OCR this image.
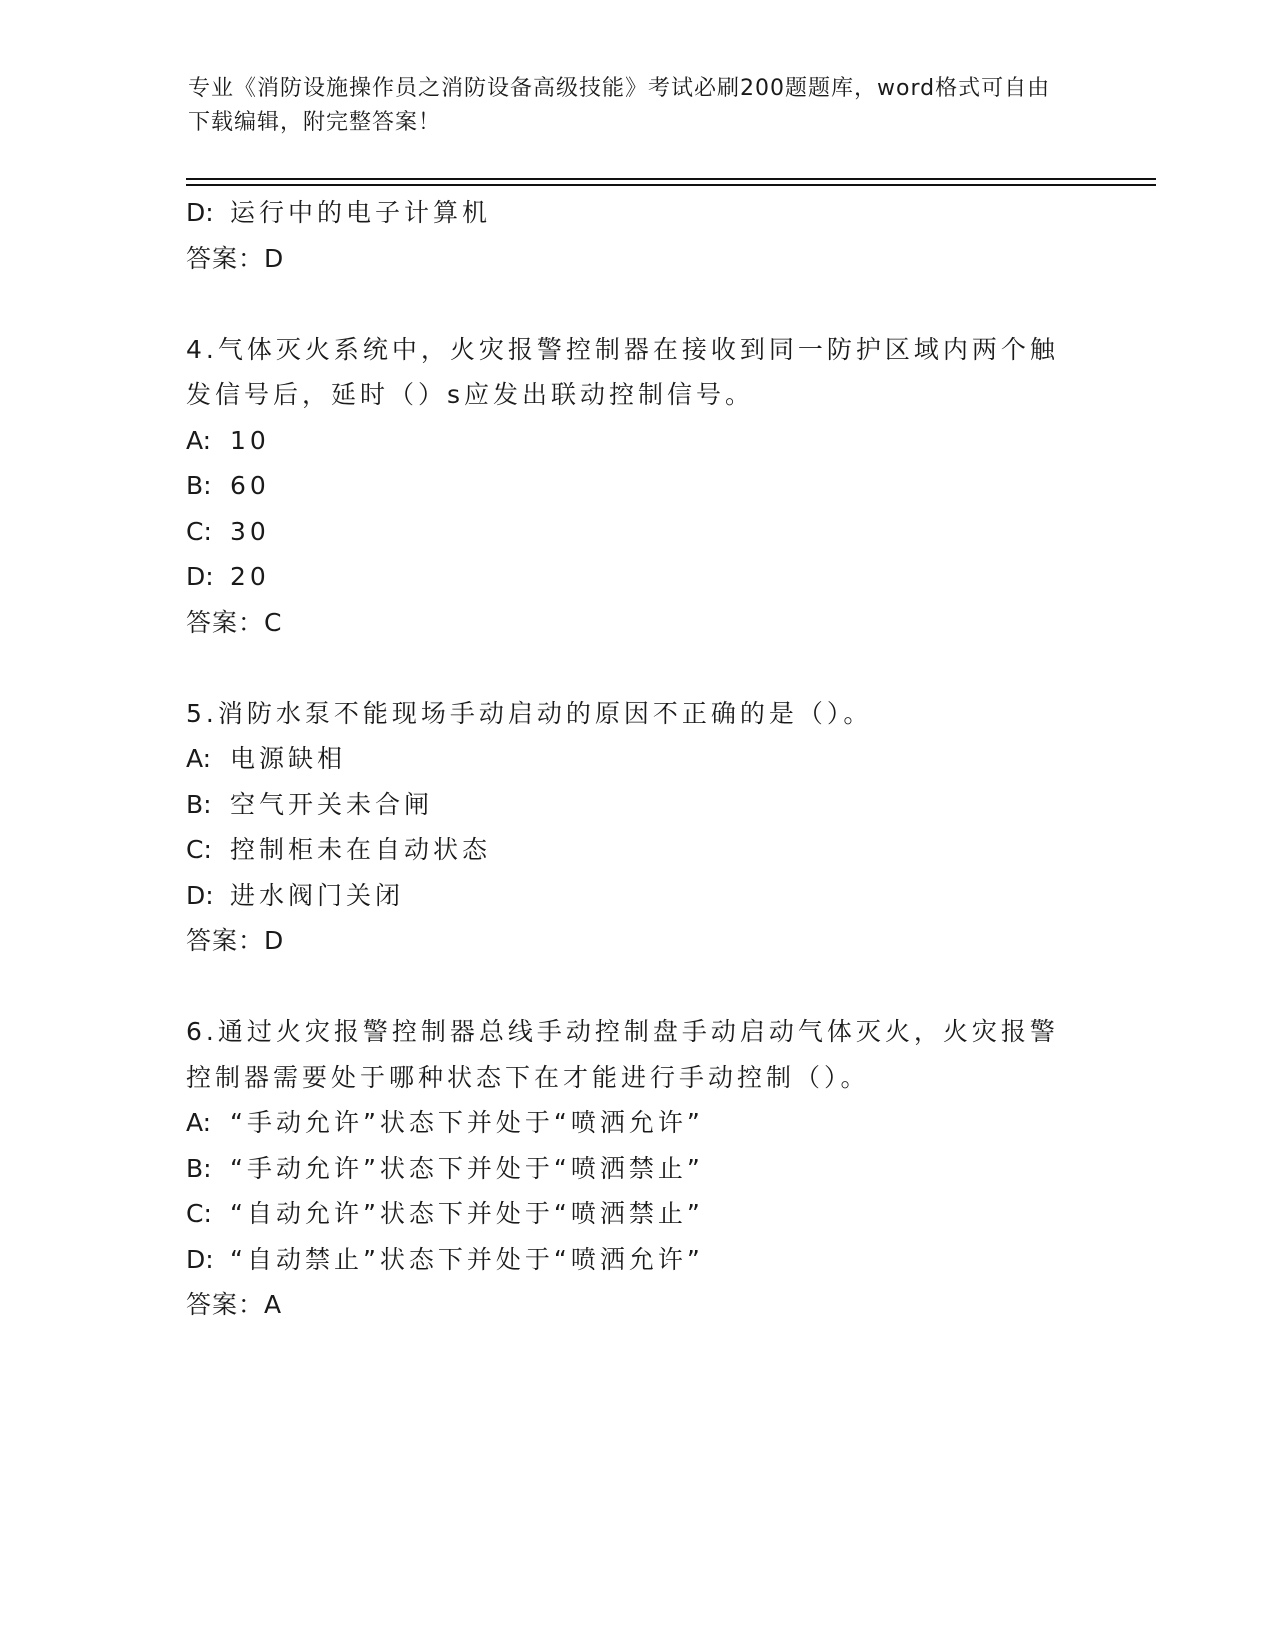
专业《消防设施操作员之消防设备高级技能》考试必刷200题题库，word格式可自由下载编辑，附完整答案！
D: 运行中的电子计算机
答案：D
4.气体灭火系统中，火灾报警控制器在接收到同一防护区域内两个触发信号后，延时（）s应发出联动控制信号。
A: 10
B: 60
C: 30
D: 20
答案：C
5.消防水泵不能现场手动启动的原因不正确的是（）。
A: 电源缺相
B: 空气开关未合闸
C: 控制柜未在自动状态
D: 进水阀门关闭
答案：D
6.通过火灾报警控制器总线手动控制盘手动启动气体灭火，火灾报警控制器需要处于哪种状态下在才能进行手动控制（）。
A: “手动允许”状态下并处于“喷洒允许”
B: “手动允许”状态下并处于“喷洒禁止”
C: “自动允许”状态下并处于“喷洒禁止”
D: “自动禁止”状态下并处于“喷洒允许”
答案：A
